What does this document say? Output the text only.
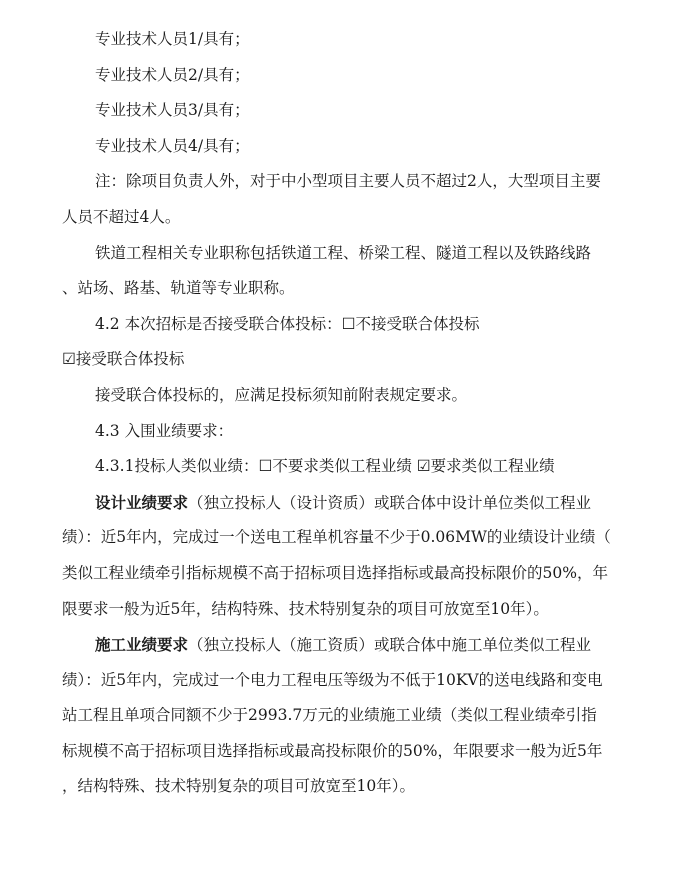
专业技术人员1/具有；
专业技术人员2/具有；
专业技术人员3/具有；
专业技术人员4/具有；
注：除项目负责人外，对于中小型项目主要人员不超过2人，大型项目主要
人员不超过4人。
铁道工程相关专业职称包括铁道工程、桥梁工程、隧道工程以及铁路线路
、站场、路基、轨道等专业职称。
4.2 本次招标是否接受联合体投标：☐不接受联合体投标
☑接受联合体投标
接受联合体投标的，应满足投标须知前附表规定要求。
4.3 入围业绩要求：
4.3.1投标人类似业绩：☐不要求类似工程业绩 ☑要求类似工程业绩
设计业绩要求（独立投标人（设计资质）或联合体中设计单位类似工程业
绩）：近5年内，完成过一个送电工程单机容量不少于0.06MW的业绩设计业绩（
类似工程业绩牵引指标规模不高于招标项目选择指标或最高投标限价的50%，年
限要求一般为近5年，结构特殊、技术特别复杂的项目可放宽至10年）。
施工业绩要求（独立投标人（施工资质）或联合体中施工单位类似工程业
绩）：近5年内，完成过一个电力工程电压等级为不低于10KV的送电线路和变电
站工程且单项合同额不少于2993.7万元的业绩施工业绩（类似工程业绩牵引指
标规模不高于招标项目选择指标或最高投标限价的50%，年限要求一般为近5年
，结构特殊、技术特别复杂的项目可放宽至10年）。
